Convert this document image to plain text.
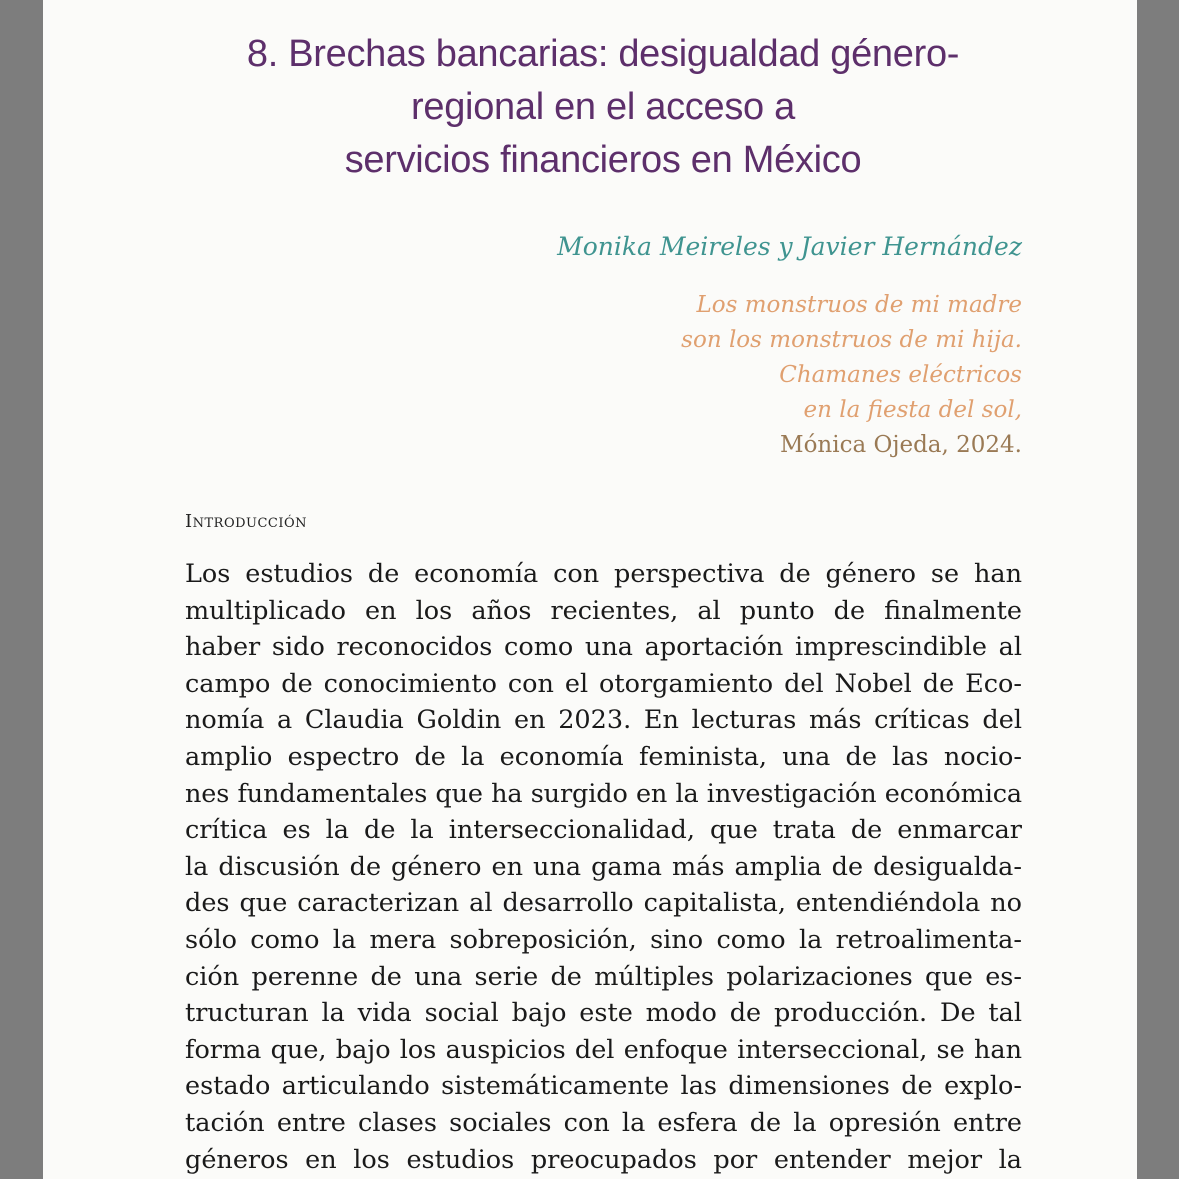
8. Brechas bancarias: desigualdad género-
regional en el acceso a
servicios financieros en México
Monika Meireles y Javier Hernández
Los monstruos de mi madre
son los monstruos de mi hija.
Chamanes eléctricos
en la fiesta del sol,
Mónica Ojeda, 2024.
Introducción
Los estudios de economía con perspectiva de género se han
multiplicado en los años recientes, al punto de finalmente
haber sido reconocidos como una aportación imprescindible al
campo de conocimiento con el otorgamiento del Nobel de Eco-
nomía a Claudia Goldin en 2023. En lecturas más críticas del
amplio espectro de la economía feminista, una de las nocio-
nes fundamentales que ha surgido en la investigación económica
crítica es la de la interseccionalidad, que trata de enmarcar
la discusión de género en una gama más amplia de desigualda-
des que caracterizan al desarrollo capitalista, entendiéndola no
sólo como la mera sobreposición, sino como la retroalimenta-
ción perenne de una serie de múltiples polarizaciones que es-
tructuran la vida social bajo este modo de producción. De tal
forma que, bajo los auspicios del enfoque interseccional, se han
estado articulando sistemáticamente las dimensiones de explo-
tación entre clases sociales con la esfera de la opresión entre
géneros en los estudios preocupados por entender mejor la
